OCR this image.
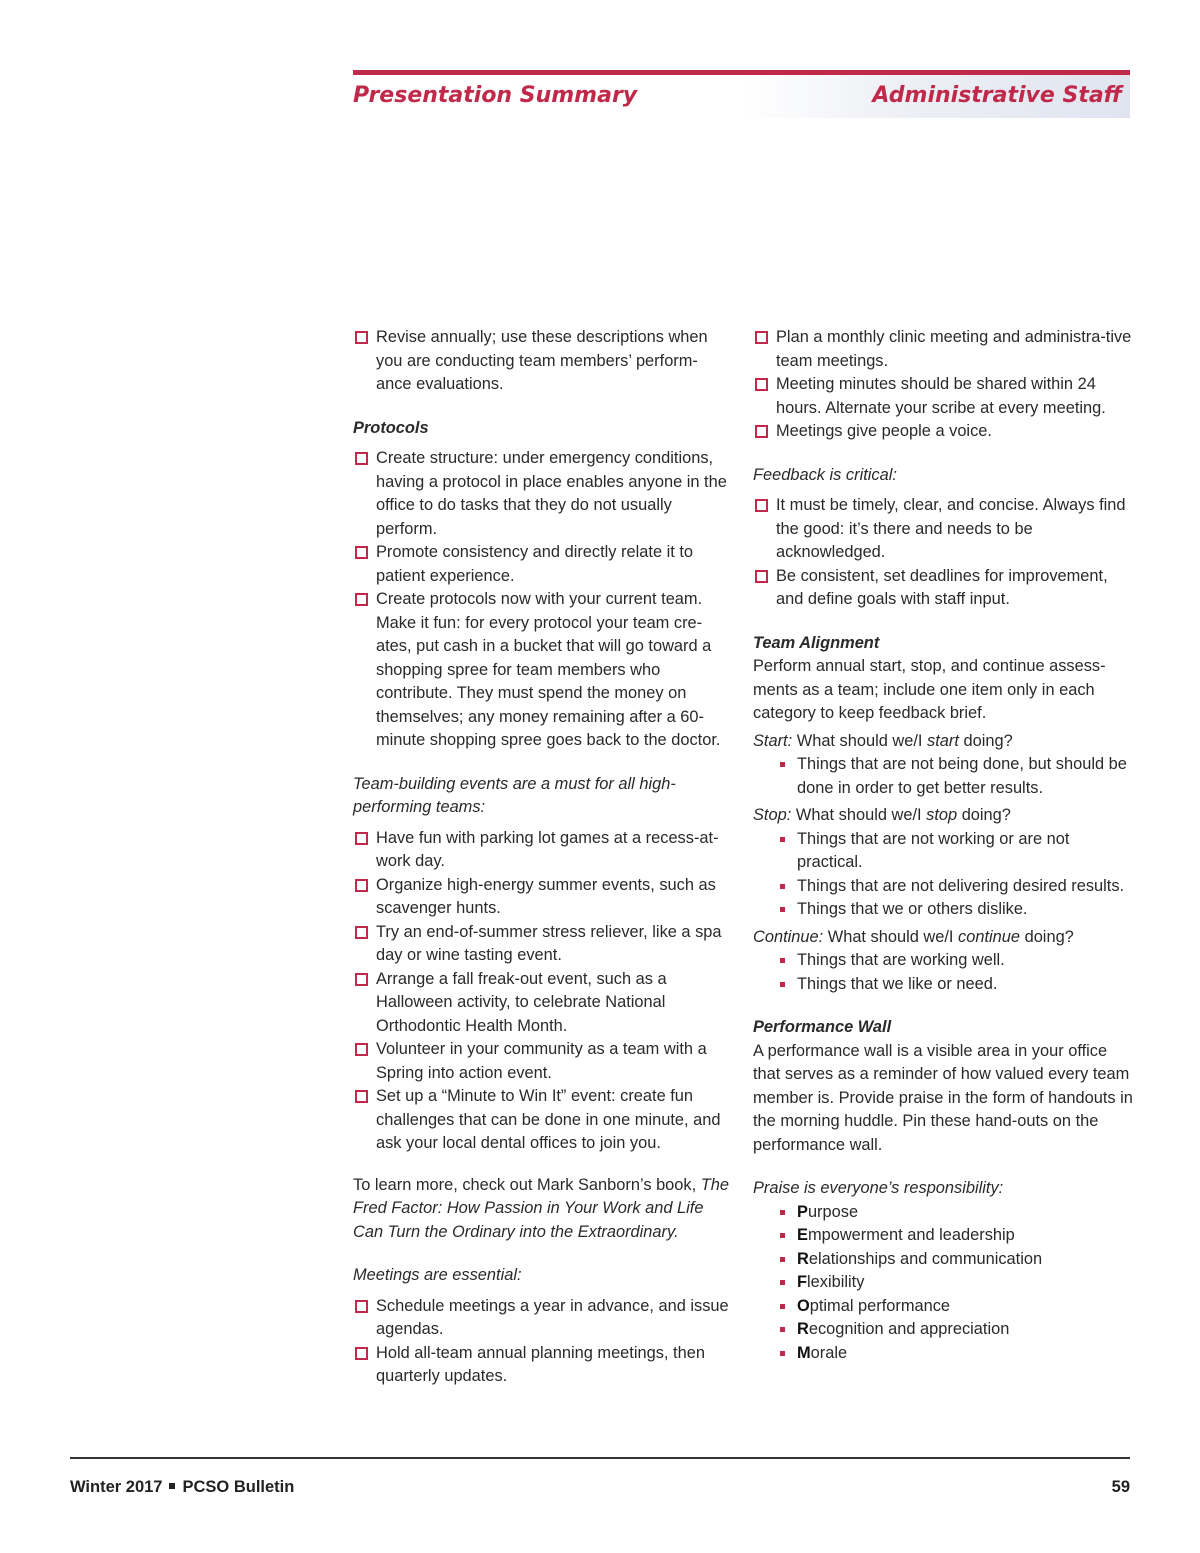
Presentation Summary	Administrative Staff
Revise annually; use these descriptions when you are conducting team members’ perform-ance evaluations.
Protocols
Create structure: under emergency conditions, having a protocol in place enables anyone in the office to do tasks that they do not usually perform.
Promote consistency and directly relate it to patient experience.
Create protocols now with your current team. Make it fun: for every protocol your team cre-ates, put cash in a bucket that will go toward a shopping spree for team members who contribute. They must spend the money on themselves; any money remaining after a 60-minute shopping spree goes back to the doctor.
Team-building events are a must for all high-performing teams:
Have fun with parking lot games at a recess-at-work day.
Organize high-energy summer events, such as scavenger hunts.
Try an end-of-summer stress reliever, like a spa day or wine tasting event.
Arrange a fall freak-out event, such as a Halloween activity, to celebrate National Orthodontic Health Month.
Volunteer in your community as a team with a Spring into action event.
Set up a “Minute to Win It” event: create fun challenges that can be done in one minute, and ask your local dental offices to join you.

To learn more, check out Mark Sanborn’s book, The Fred Factor: How Passion in Your Work and Life Can Turn the Ordinary into the Extraordinary.

Meetings are essential:
Schedule meetings a year in advance, and issue agendas.
Hold all-team annual planning meetings, then quarterly updates.
Plan a monthly clinic meeting and administra-tive team meetings.
Meeting minutes should be shared within 24 hours. Alternate your scribe at every meeting.
Meetings give people a voice.
Feedback is critical:
It must be timely, clear, and concise. Always find the good: it’s there and needs to be acknowledged.
Be consistent, set deadlines for improvement, and define goals with staff input.
Team Alignment

Perform annual start, stop, and continue assess-ments as a team; include one item only in each category to keep feedback brief.

Start: What should we/I start doing?
Things that are not being done, but should be done in order to get better results.
Stop: What should we/I stop doing?
Things that are not working or are not practical.
Things that are not delivering desired results.
Things that we or others dislike.
Continue: What should we/I continue doing?
Things that are working well.
Things that we like or need.
Performance Wall

A performance wall is a visible area in your office that serves as a reminder of how valued every team member is. Provide praise in the form of handouts in the morning huddle. Pin these hand-outs on the performance wall.

Praise is everyone’s responsibility:
Purpose
Empowerment and leadership
Relationships and communication
Flexibility
Optimal performance
Recognition and appreciation
Morale
Winter 2017 PCSO Bulletin	59
